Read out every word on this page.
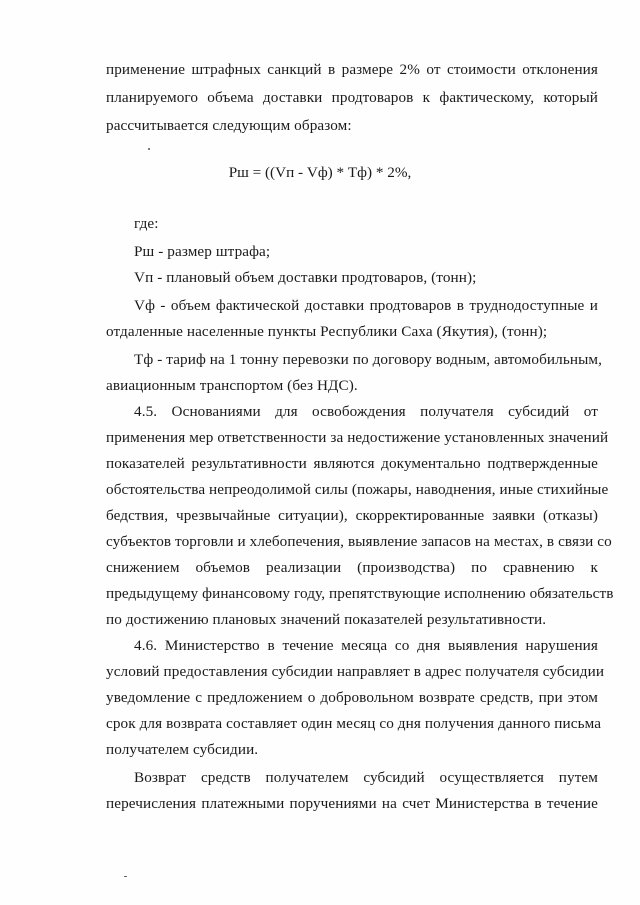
применение штрафных санкций в размере 2% от стоимости отклонения
планируемого объема доставки продтоваров к фактическому, который
рассчитывается следующим образом:
Рш = ((Vп - Vф) * Тф) * 2%,
где:
Рш - размер штрафа;
Vп - плановый объем доставки продтоваров, (тонн);
Vф - объем фактической доставки продтоваров в труднодоступные и
отдаленные населенные пункты Республики Саха (Якутия), (тонн);
Тф - тариф на 1 тонну перевозки по договору водным, автомобильным,
авиационным транспортом (без НДС).
4.5. Основаниями для освобождения получателя субсидий от
применения мер ответственности за недостижение установленных значений
показателей результативности являются документально подтвержденные
обстоятельства непреодолимой силы (пожары, наводнения, иные стихийные
бедствия, чрезвычайные ситуации), скорректированные заявки (отказы)
субъектов торговли и хлебопечения, выявление запасов на местах, в связи со
снижением объемов реализации (производства) по сравнению к
предыдущему финансовому году, препятствующие исполнению обязательств
по достижению плановых значений показателей результативности.
4.6. Министерство в течение месяца со дня выявления нарушения
условий предоставления субсидии направляет в адрес получателя субсидии
уведомление с предложением о добровольном возврате средств, при этом
срок для возврата составляет один месяц со дня получения данного письма
получателем субсидии.
Возврат средств получателем субсидий осуществляется путем
перечисления платежными поручениями на счет Министерства в течение
